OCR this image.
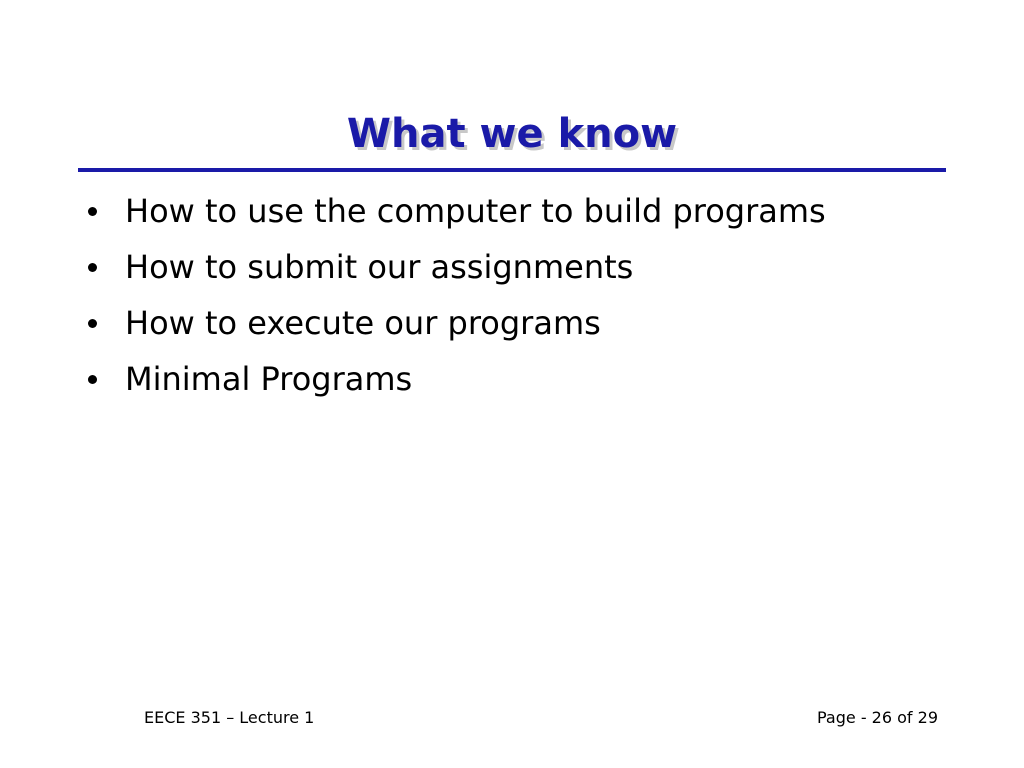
What we know
How to use the computer to build programs
How to submit our assignments
How to execute our programs
Minimal Programs
EECE 351 – Lecture 1	Page - 26 of 29
